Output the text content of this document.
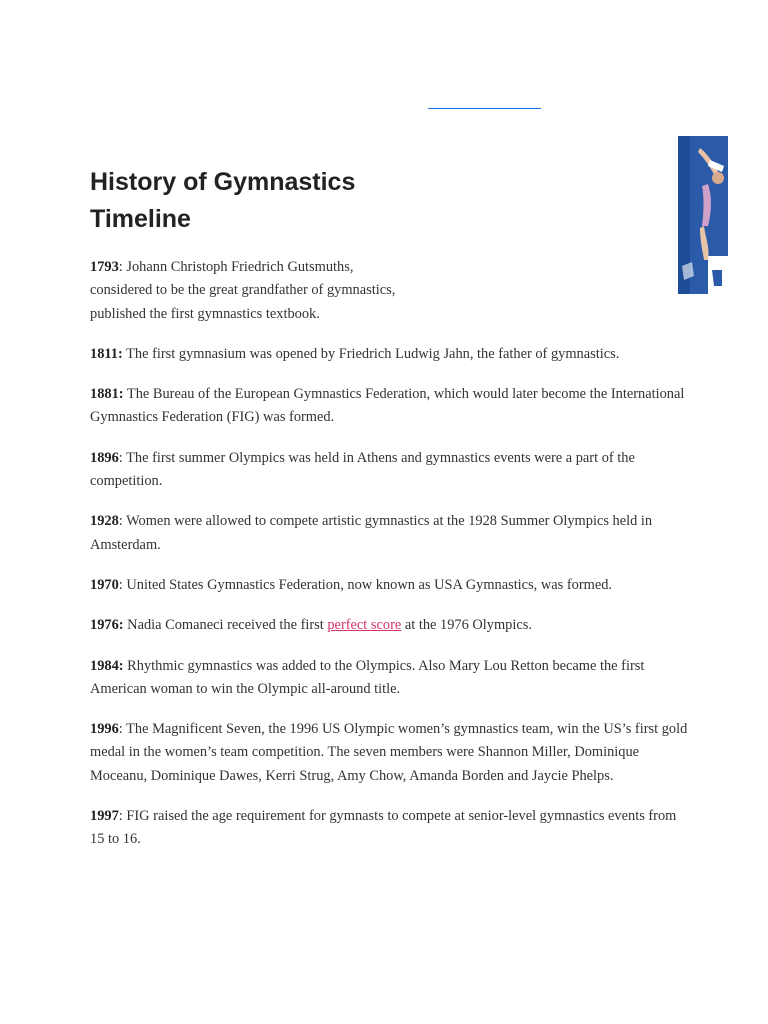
History of Gymnastics
Timeline

1793: Johann Christoph Friedrich Gutsmuths,
considered to be the great grandfather of gymnastics,
published the first gymnastics textbook.

1811: The first gymnasium was opened by Friedrich Ludwig Jahn, the father of gymnastics.

1881: The Bureau of the European Gymnastics Federation, which would later become the International Gymnastics Federation (FIG) was formed.

1896: The first summer Olympics was held in Athens and gymnastics events were a part of the competition.

1928: Women were allowed to compete artistic gymnastics at the 1928 Summer Olympics held in Amsterdam.

1970: United States Gymnastics Federation, now known as USA Gymnastics, was formed.

1976: Nadia Comaneci received the first perfect score at the 1976 Olympics.

1984: Rhythmic gymnastics was added to the Olympics. Also Mary Lou Retton became the first American woman to win the Olympic all-around title.

1996: The Magnificent Seven, the 1996 US Olympic women’s gymnastics team, win the US’s first gold medal in the women’s team competition. The seven members were Shannon Miller, Dominique Moceanu, Dominique Dawes, Kerri Strug, Amy Chow, Amanda Borden and Jaycie Phelps.

1997: FIG raised the age requirement for gymnasts to compete at senior-level gymnastics events from 15 to 16.
